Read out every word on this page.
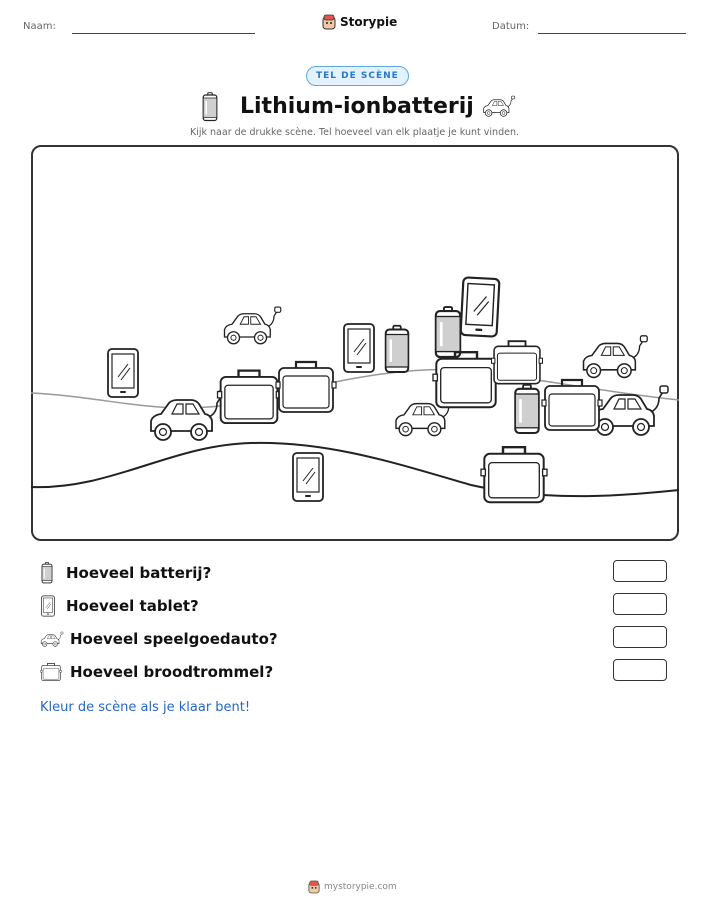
Naam:	Storypie	Datum:
TEL DE SCÈNE
Lithium-ionbatterij
Kijk naar de drukke scène. Tel hoeveel van elk plaatje je kunt vinden.
Hoeveel batterij?
Hoeveel tablet?
Hoeveel speelgoedauto?
Hoeveel broodtrommel?
Kleur de scène als je klaar bent!
mystorypie.com
